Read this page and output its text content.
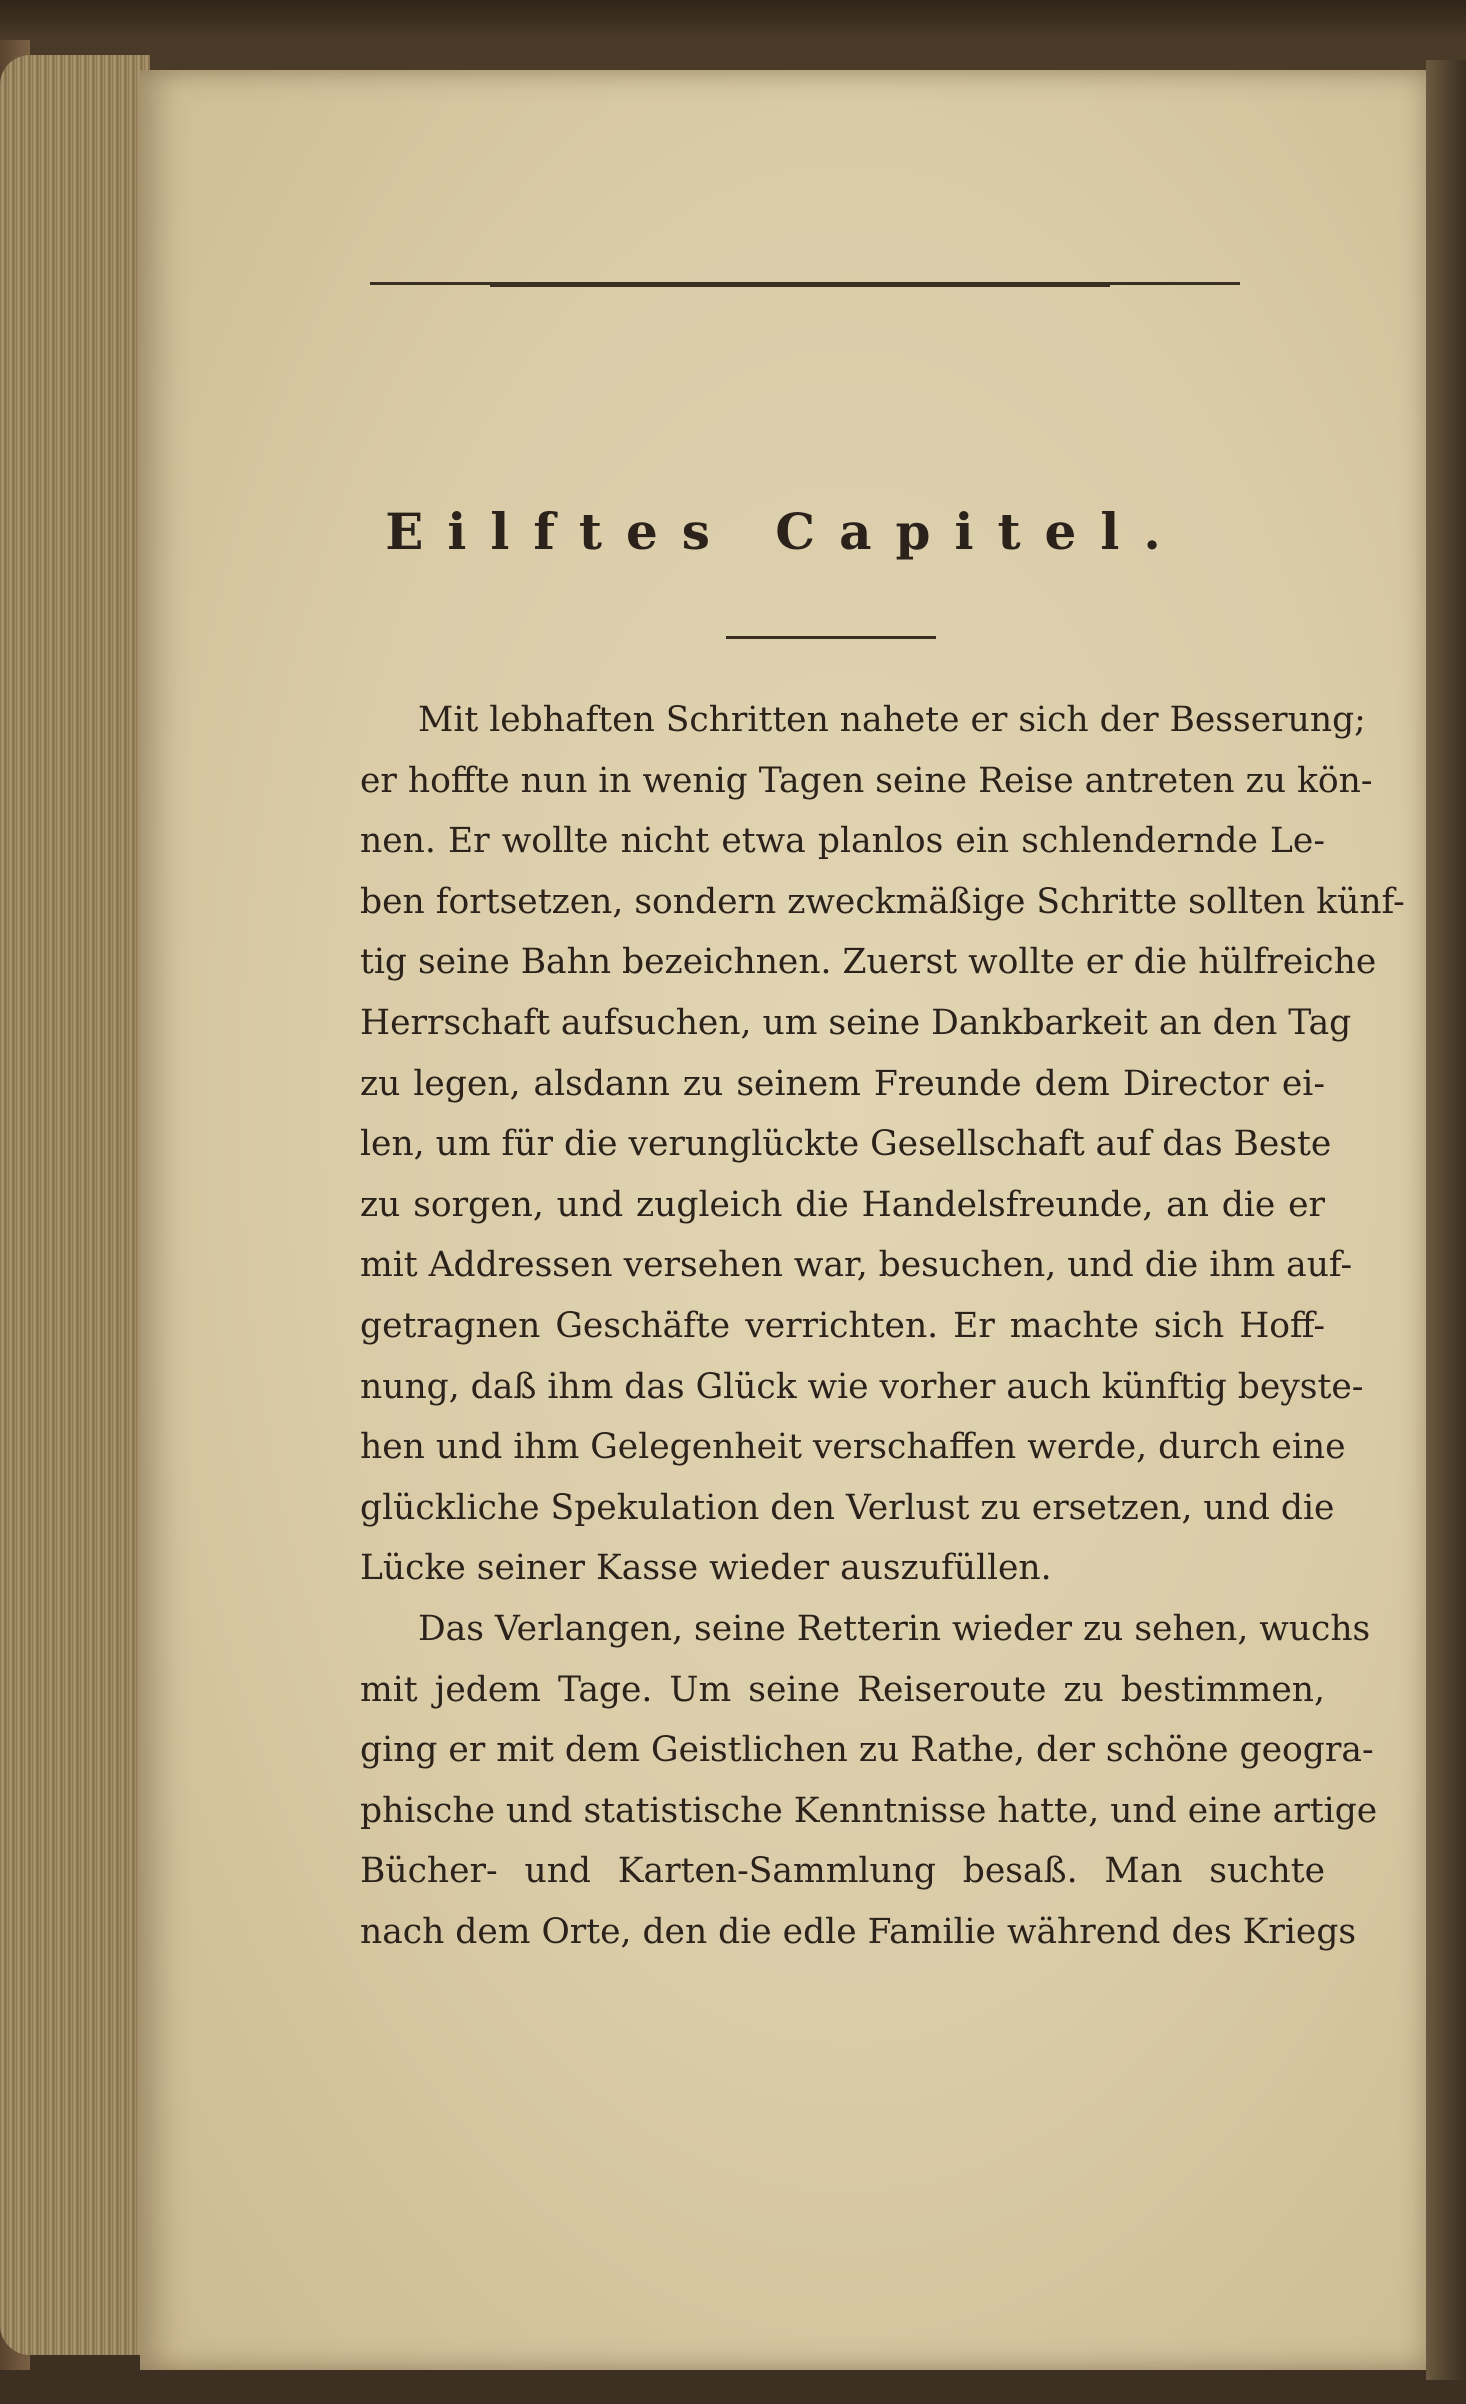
Eilftes Capitel.
Mit lebhaften Schritten nahete er sich der Besserung;
er hoffte nun in wenig Tagen seine Reise antreten zu kön-
nen. Er wollte nicht etwa planlos ein schlendernde Le-
ben fortsetzen, sondern zweckmäßige Schritte sollten künf-
tig seine Bahn bezeichnen. Zuerst wollte er die hülfreiche
Herrschaft aufsuchen, um seine Dankbarkeit an den Tag
zu legen, alsdann zu seinem Freunde dem Director ei-
len, um für die verunglückte Gesellschaft auf das Beste
zu sorgen, und zugleich die Handelsfreunde, an die er
mit Addressen versehen war, besuchen, und die ihm auf-
getragnen Geschäfte verrichten. Er machte sich Hoff-
nung, daß ihm das Glück wie vorher auch künftig beyste-
hen und ihm Gelegenheit verschaffen werde, durch eine
glückliche Spekulation den Verlust zu ersetzen, und die
Lücke seiner Kasse wieder auszufüllen.
Das Verlangen, seine Retterin wieder zu sehen, wuchs
mit jedem Tage. Um seine Reiseroute zu bestimmen,
ging er mit dem Geistlichen zu Rathe, der schöne geogra-
phische und statistische Kenntnisse hatte, und eine artige
Bücher- und Karten-Sammlung besaß. Man suchte
nach dem Orte, den die edle Familie während des Kriegs
